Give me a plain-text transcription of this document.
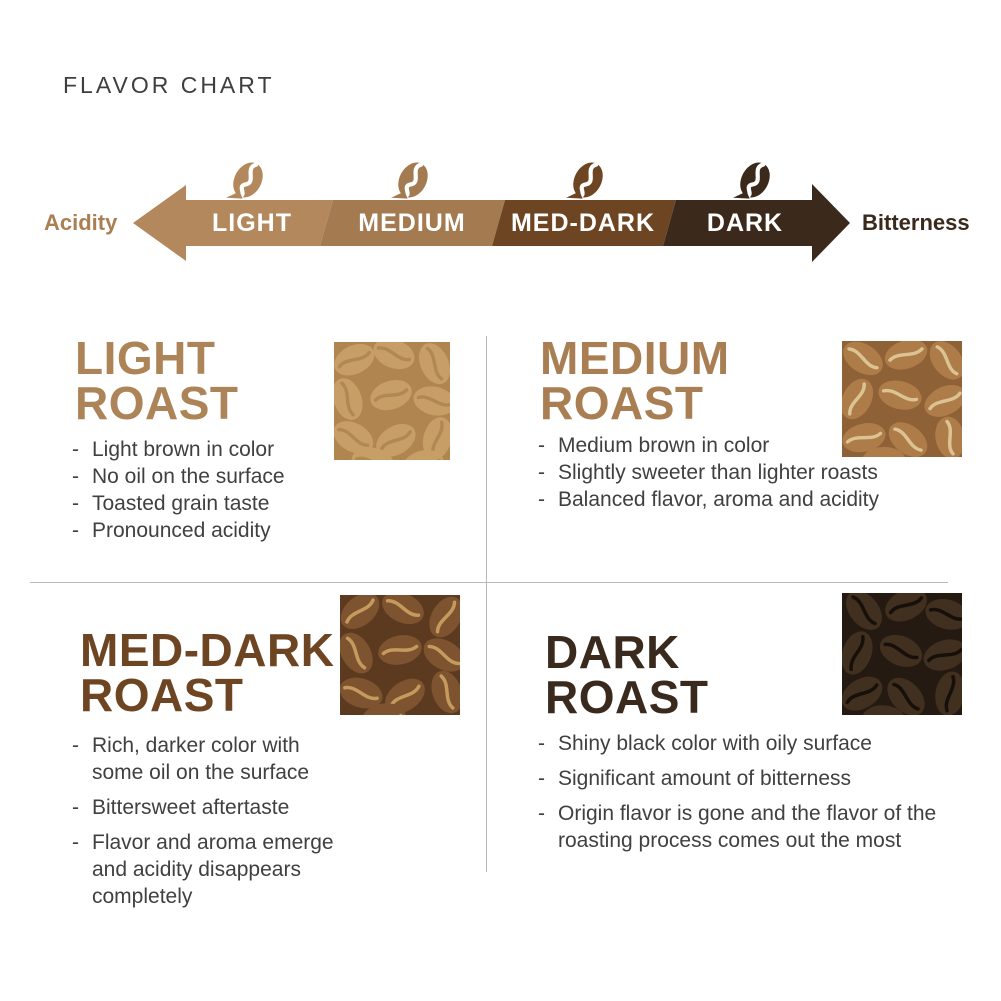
FLAVOR CHART
Acidity	Bitterness
LIGHT	MEDIUM MED-DARK DARK
LIGHT
ROAST
- Light brown in color
- No oil on the surface
- Toasted grain taste
- Pronounced acidity
MEDIUM
ROAST
- Medium brown in color
- Slightly sweeter than lighter roasts
- Balanced flavor, aroma and acidity
MED-DARK
ROAST
- Rich, darker color with some oil on the surface
- Bittersweet aftertaste
- Flavor and aroma emerge and acidity disappears completely
DARK
ROAST
- Shiny black color with oily surface
- Significant amount of bitterness
- Origin flavor is gone and the flavor of the roasting process comes out the most
